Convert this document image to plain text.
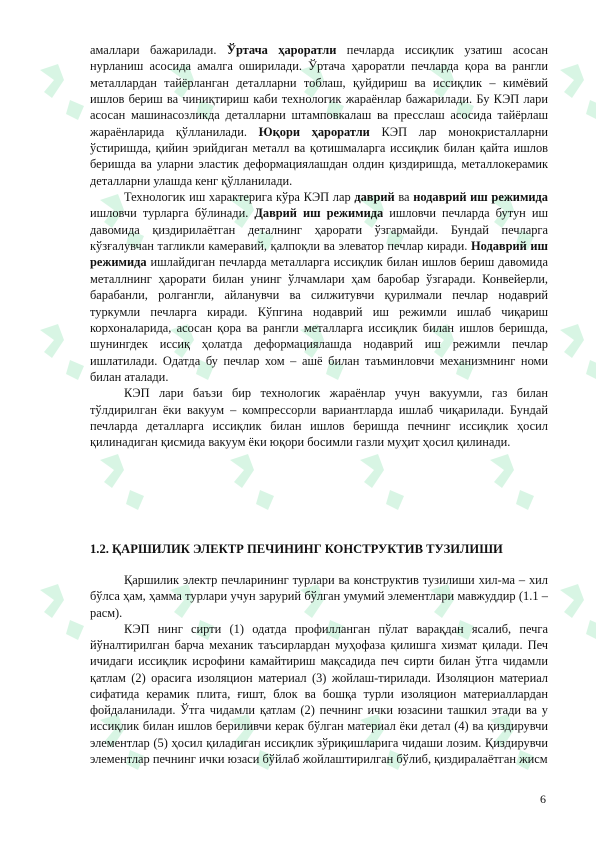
амаллари бажарилади. Ўртача ҳароратли печларда иссиқлик узатиш асосан нурланиш асосида амалга оширилади. Ўртача ҳароратли печларда қора ва рангли металлардан тайёрланган деталларни тоблаш, қуйдириш ва иссиқлик – кимёвий ишлов бериш ва чиниқтириш каби технологик жараёнлар бажарилади. Бу КЭП лари асосан машинасозликда деталларни штамповкалаш ва пресслаш асосида тайёрлаш жараёнларида қўлланилади. Юқори ҳароратли КЭП лар монокристалларни ўстиришда, қийин эрийдиган металл ва қотишмаларга иссиқлик билан қайта ишлов беришда ва уларни эластик деформациялашдан олдин қиздиришда, металлокерамик деталларни улашда кенг қўлланилади.

Технологик иш характерига кўра КЭП лар даврий ва нодаврий иш режимида ишловчи турларга бўлинади. Даврий иш режимида ишловчи печларда бутун иш давомида қиздирилаётган деталнинг ҳарорати ўзгармайди. Бундай печларга кўзғалувчан тагликли камеравий, қалпоқли ва элеватор печлар киради. Нодаврий иш режимида ишлайдиган печларда металларга иссиқлик билан ишлов бериш давомида металлнинг ҳарорати билан унинг ўлчамлари ҳам баробар ўзгаради. Конвейерли, барабанли, ролгангли, айланувчи ва силжитувчи қурилмали печлар нодаврий туркумли печларга киради. Кўпгина нодаврий иш режимли ишлаб чиқариш корхоналарида, асосан қора ва рангли металларга иссиқлик билан ишлов беришда, шунингдек иссиқ ҳолатда деформациялашда нодаврий иш режимли печлар ишлатилади. Одатда бу печлар хом – ашё билан таъминловчи механизмнинг номи билан аталади.

КЭП лари баъзи бир технологик жараёнлар учун вакуумли, газ билан тўлдирилган ёки вакуум – компрессорли вариантларда ишлаб чиқарилади. Бундай печларда деталларга иссиқлик билан ишлов беришда печнинг иссиқлик ҳосил қилинадиган қисмида вакуум ёки юқори босимли газли муҳит ҳосил қилинади.

1.2. ҚАРШИЛИК ЭЛЕКТР ПЕЧИНИНГ КОНСТРУКТИВ ТУЗИЛИШИ

Қаршилик электр печларининг турлари ва конструктив тузилиши хил-ма – хил бўлса ҳам, ҳамма турлари учун зарурий бўлган умумий элементлари мавжуддир (1.1 – расм).

КЭП нинг сирти (1) одатда профилланган пўлат варақдан ясалиб, печга йўналтирилган барча механик таъсирлардан муҳофаза қилишга хизмат қилади. Печ ичидаги иссиқлик исрофини камайтириш мақсадида печ сирти билан ўтга чидамли қатлам (2) орасига изоляцион материал (3) жойлаш-тирилади. Изоляцион материал сифатида керамик плита, ғишт, блок ва бошқа турли изоляцион материаллардан фойдаланилади. Ўтга чидамли қатлам (2) печнинг ички юзасини ташкил этади ва у иссиқлик билан ишлов бериливчи керак бўлган материал ёки детал (4) ва қиздирувчи элементлар (5) ҳосил қиладиган иссиқлик зўриқишларига чидаши лозим. Қиздирувчи элементлар печнинг ички юзаси бўйлаб жойлаштирилган бўлиб, қиздиралаётган жисм

6
